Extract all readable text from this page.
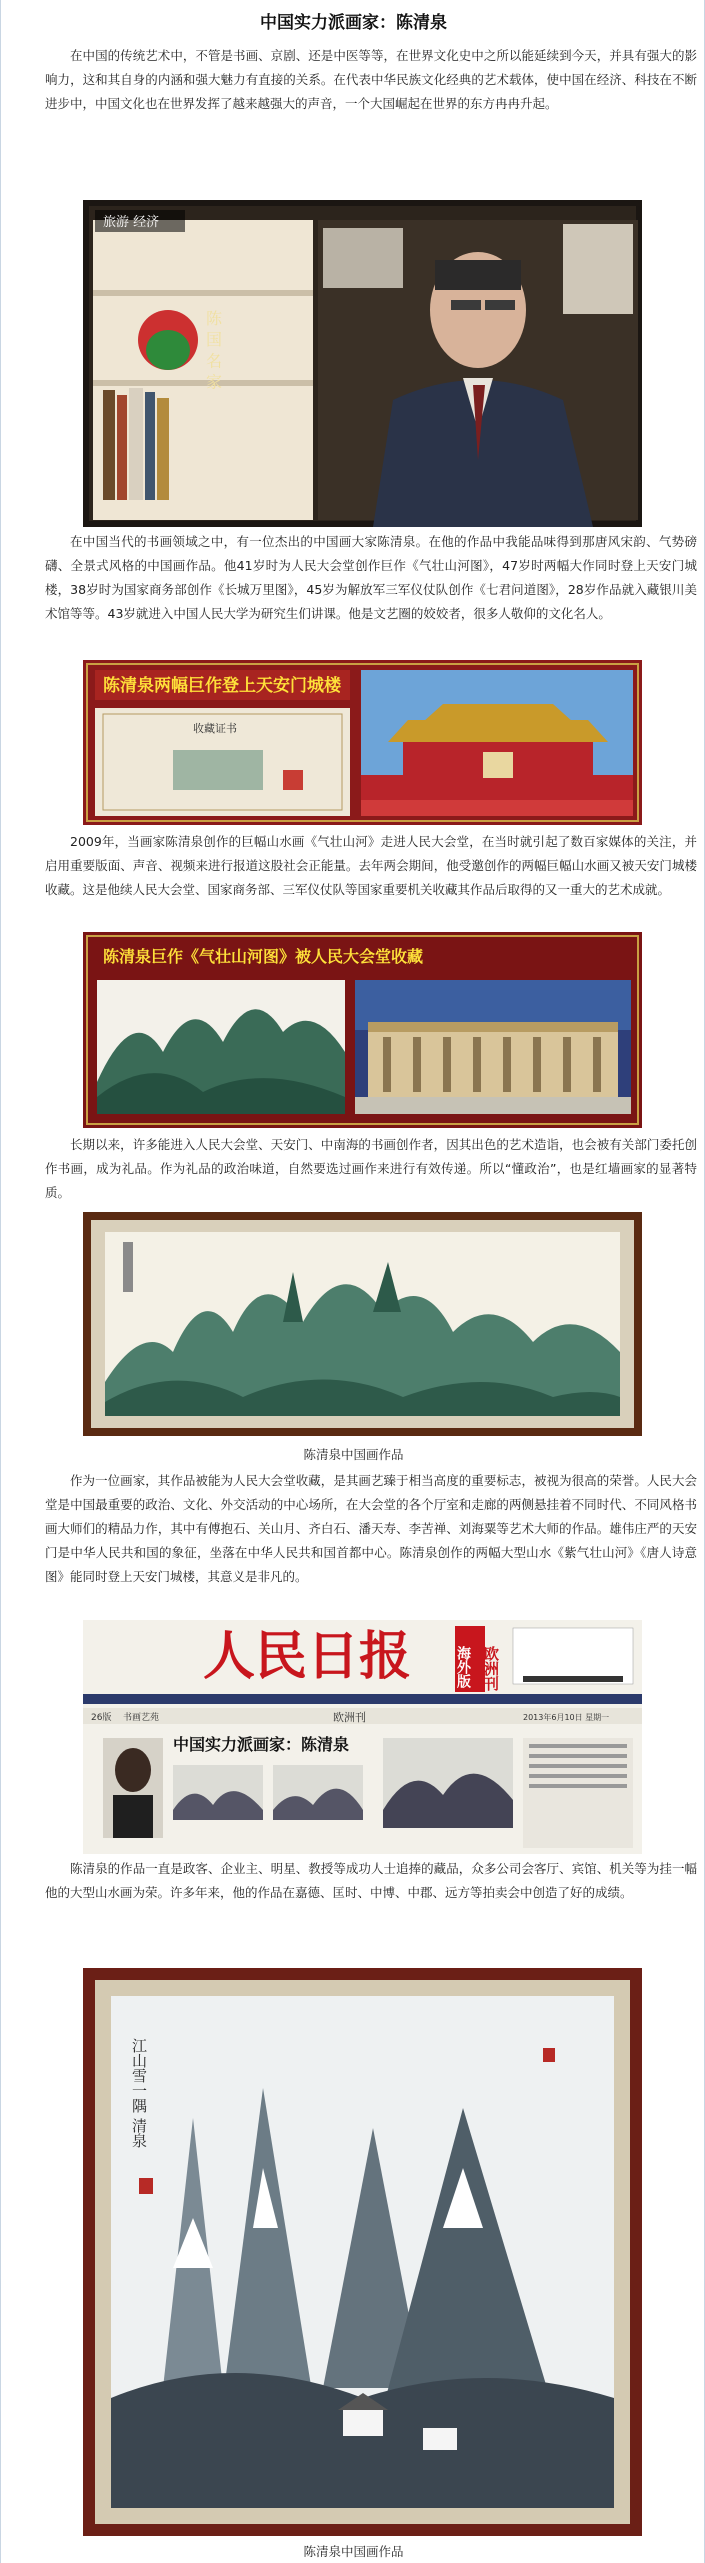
中国实力派画家：陈清泉
在中国的传统艺术中，不管是书画、京剧、还是中医等等，在世界文化史中之所以能延续到今天，并具有强大的影响力，这和其自身的内涵和强大魅力有直接的关系。在代表中华民族文化经典的艺术载体，使中国在经济、科技在不断进步中，中国文化也在世界发挥了越来越强大的声音，一个大国崛起在世界的东方冉冉升起。
旅游 经济
陈 国 名 家
在中国当代的书画领域之中，有一位杰出的中国画大家陈清泉。在他的作品中我能品味得到那唐风宋韵、气势磅礴、全景式风格的中国画作品。他41岁时为人民大会堂创作巨作《气壮山河图》，47岁时两幅大作同时登上天安门城楼，38岁时为国家商务部创作《长城万里图》，45岁为解放军三军仪仗队创作《七君问道图》，28岁作品就入藏银川美术馆等等。43岁就进入中国人民大学为研究生们讲课。他是文艺圈的姣姣者，很多人敬仰的文化名人。
陈清泉两幅巨作登上天安门城楼
收藏证书
2009年，当画家陈清泉创作的巨幅山水画《气壮山河》走进人民大会堂，在当时就引起了数百家媒体的关注，并启用重要版面、声音、视频来进行报道这股社会正能量。去年两会期间，他受邀创作的两幅巨幅山水画又被天安门城楼收藏。这是他续人民大会堂、国家商务部、三军仪仗队等国家重要机关收藏其作品后取得的又一重大的艺术成就。
陈清泉巨作《气壮山河图》被人民大会堂收藏
长期以来，许多能进入人民大会堂、天安门、中南海的书画创作者，因其出色的艺术造诣，也会被有关部门委托创作书画，成为礼品。作为礼品的政治味道，自然要选过画作来进行有效传递。所以“懂政治”，也是红墙画家的显著特质。
陈清泉中国画作品
作为一位画家，其作品被能为人民大会堂收藏，是其画艺臻于相当高度的重要标志，被视为很高的荣誉。人民大会堂是中国最重要的政治、文化、外交活动的中心场所，在大会堂的各个厅室和走廊的两侧悬挂着不同时代、不同风格书画大师们的精品力作，其中有傅抱石、关山月、齐白石、潘天寿、李苦禅、刘海粟等艺术大师的作品。雄伟庄严的天安门是中华人民共和国的象征，坐落在中华人民共和国首都中心。陈清泉创作的两幅大型山水《紫气壮山河》《唐人诗意图》能同时登上天安门城楼，其意义是非凡的。
人民日报	海外版 欧洲刊
26版 书画艺苑	欧洲刊	2013年6月10日 星期一
中国实力派画家：陈清泉
陈清泉的作品一直是政客、企业主、明星、教授等成功人士追捧的藏品，众多公司会客厅、宾馆、机关等为挂一幅他的大型山水画为荣。许多年来，他的作品在嘉德、匡时、中博、中郡、远方等拍卖会中创造了好的成绩。
江山雪一隅 清泉
陈清泉中国画作品
